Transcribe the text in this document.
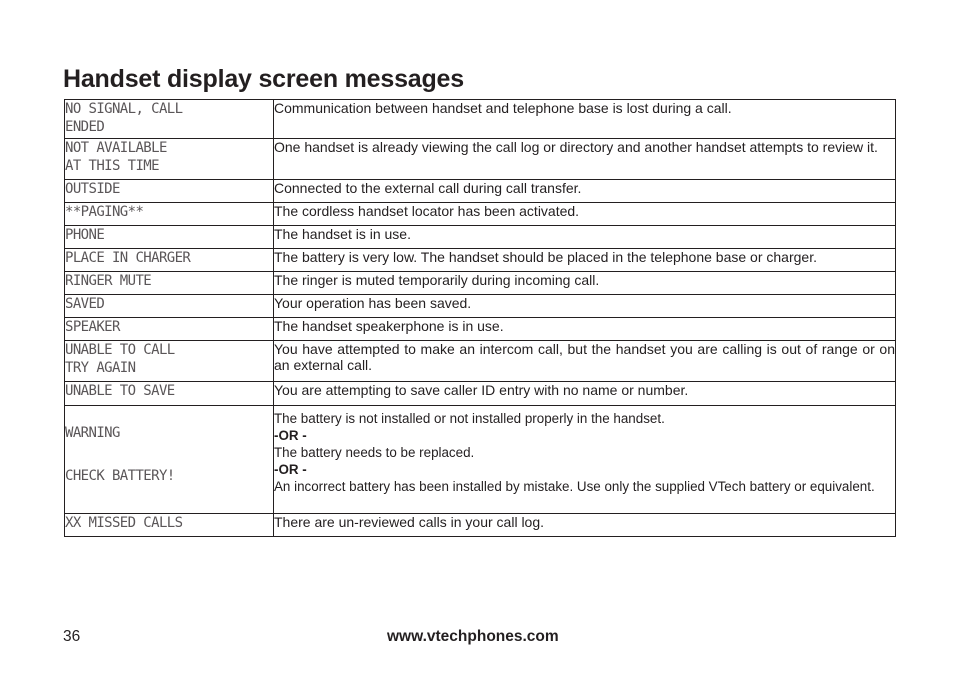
Handset display screen messages
NO SIGNAL, CALL
ENDED	Communication between handset and telephone base is lost during a call.
NOT AVAILABLE
AT THIS TIME	One handset is already viewing the call log or directory and another handset attempts to review it.
OUTSIDE	Connected to the external call during call transfer.
**PAGING**	The cordless handset locator has been activated.
PHONE	The handset is in use.
PLACE IN CHARGER	The battery is very low. The handset should be placed in the telephone base or charger.
RINGER MUTE	The ringer is muted temporarily during incoming call.
SAVED	Your operation has been saved.
SPEAKER	The handset speakerphone is in use.
UNABLE TO CALL
TRY AGAIN	You have attempted to make an intercom call, but the handset you are calling is out of range or on an external call.
UNABLE TO SAVE	You are attempting to save caller ID entry with no name or number.

WARNING

CHECK BATTERY!	The battery is not installed or not installed properly in the handset.
-OR -
The battery needs to be replaced.
-OR -
An incorrect battery has been installed by mistake. Use only the supplied VTech battery or equivalent.

XX MISSED CALLS	There are un-reviewed calls in your call log.
36	www.vtechphones.com
